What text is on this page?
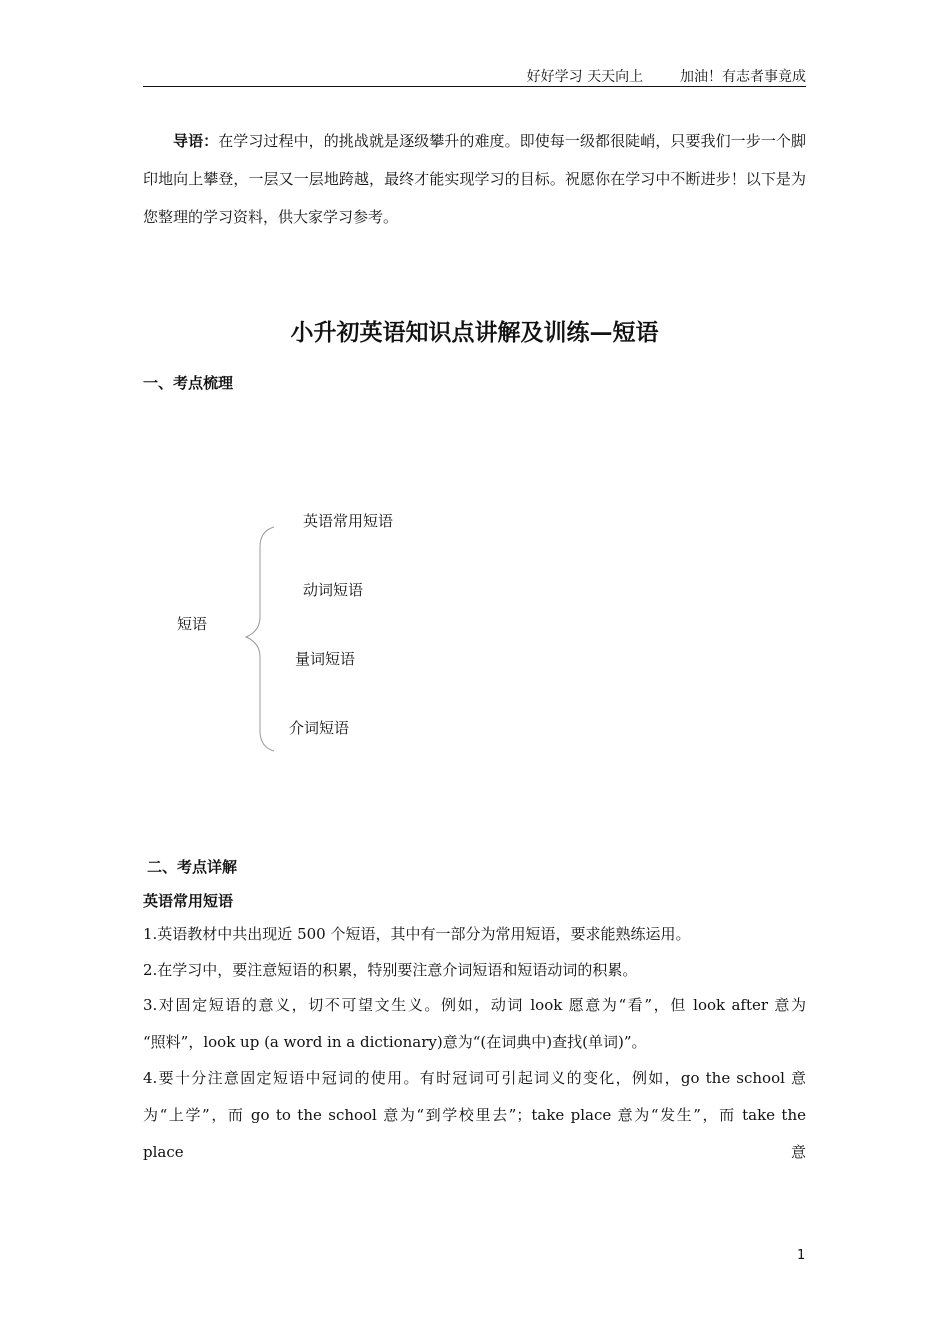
好好学习 天天向上	加油！有志者事竟成
导语：在学习过程中，的挑战就是逐级攀升的难度。即使每一级都很陡峭，只要我们一步一个脚印地向上攀登，一层又一层地跨越，最终才能实现学习的目标。祝愿你在学习中不断进步！以下是为您整理的学习资料，供大家学习参考。
小升初英语知识点讲解及训练—短语
一、考点梳理
短语
英语常用短语
动词短语
量词短语
介词短语
二、考点详解
英语常用短语
1.英语教材中共出现近 500 个短语，其中有一部分为常用短语，要求能熟练运用。
2.在学习中，要注意短语的积累，特别要注意介词短语和短语动词的积累。
3.对固定短语的意义，切不可望文生义。例如，动词 look 愿意为“看”，但 look after 意为
“照料”，look up (a word in a dictionary)意为“(在词典中)查找(单词)”。
4.要十分注意固定短语中冠词的使用。有时冠词可引起词义的变化，例如，go the school 意
为“上学”，而 go to the school 意为“到学校里去”；take place 意为“发生”，而 take the
place	意
1
